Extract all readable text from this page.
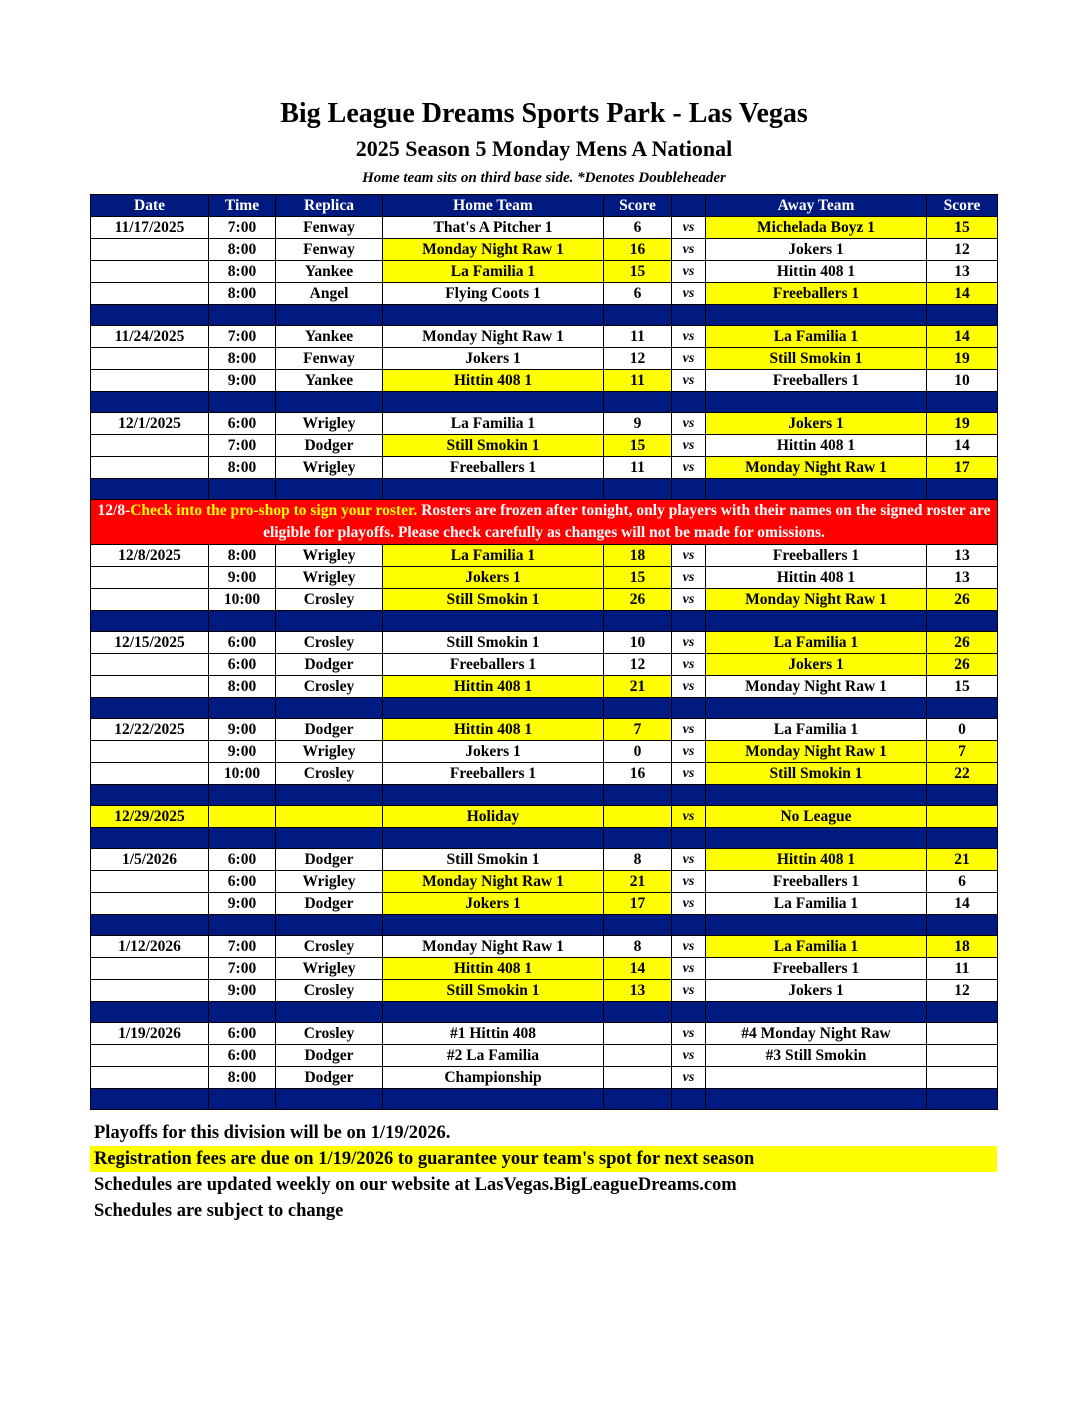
Big League Dreams Sports Park - Las Vegas
2025 Season 5 Monday Mens A National
Home team sits on third base side. *Denotes Doubleheader
Date	Time	Replica	Home Team	Score		Away Team	Score
11/17/2025	7:00	Fenway	That's A Pitcher 1	6	vs	Michelada Boyz 1	15
	8:00	Fenway	Monday Night Raw 1	16	vs	Jokers 1	12
	8:00	Yankee	La Familia 1	15	vs	Hittin 408 1	13
	8:00	Angel	Flying Coots 1	6	vs	Freeballers 1	14

11/24/2025	7:00	Yankee	Monday Night Raw 1	11	vs	La Familia 1	14
	8:00	Fenway	Jokers 1	12	vs	Still Smokin 1	19
	9:00	Yankee	Hittin 408 1	11	vs	Freeballers 1	10

12/1/2025	6:00	Wrigley	La Familia 1	9	vs	Jokers 1	19
	7:00	Dodger	Still Smokin 1	15	vs	Hittin 408 1	14
	8:00	Wrigley	Freeballers 1	11	vs	Monday Night Raw 1	17

12/8-Check into the pro-shop to sign your roster. Rosters are frozen after tonight, only players with their names on the signed roster are eligible for playoffs. Please check carefully as changes will not be made for omissions.							
12/8/2025	8:00	Wrigley	La Familia 1	18	vs	Freeballers 1	13
	9:00	Wrigley	Jokers 1	15	vs	Hittin 408 1	13
	10:00	Crosley	Still Smokin 1	26	vs	Monday Night Raw 1	26

12/15/2025	6:00	Crosley	Still Smokin 1	10	vs	La Familia 1	26
	6:00	Dodger	Freeballers 1	12	vs	Jokers 1	26
	8:00	Crosley	Hittin 408 1	21	vs	Monday Night Raw 1	15

12/22/2025	9:00	Dodger	Hittin 408 1	7	vs	La Familia 1	0
	9:00	Wrigley	Jokers 1	0	vs	Monday Night Raw 1	7
	10:00	Crosley	Freeballers 1	16	vs	Still Smokin 1	22

12/29/2025			Holiday		vs	No League	

1/5/2026	6:00	Dodger	Still Smokin 1	8	vs	Hittin 408 1	21
	6:00	Wrigley	Monday Night Raw 1	21	vs	Freeballers 1	6
	9:00	Dodger	Jokers 1	17	vs	La Familia 1	14

1/12/2026	7:00	Crosley	Monday Night Raw 1	8	vs	La Familia 1	18
	7:00	Wrigley	Hittin 408 1	14	vs	Freeballers 1	11
	9:00	Crosley	Still Smokin 1	13	vs	Jokers 1	12

1/19/2026	6:00	Crosley	#1 Hittin 408		vs	#4 Monday Night Raw	
	6:00	Dodger	#2 La Familia		vs	#3 Still Smokin	
	8:00	Dodger	Championship		vs		

Playoffs for this division will be on 1/19/2026.
Registration fees are due on 1/19/2026 to guarantee your team's spot for next season
Schedules are updated weekly on our website at LasVegas.BigLeagueDreams.com
Schedules are subject to change
